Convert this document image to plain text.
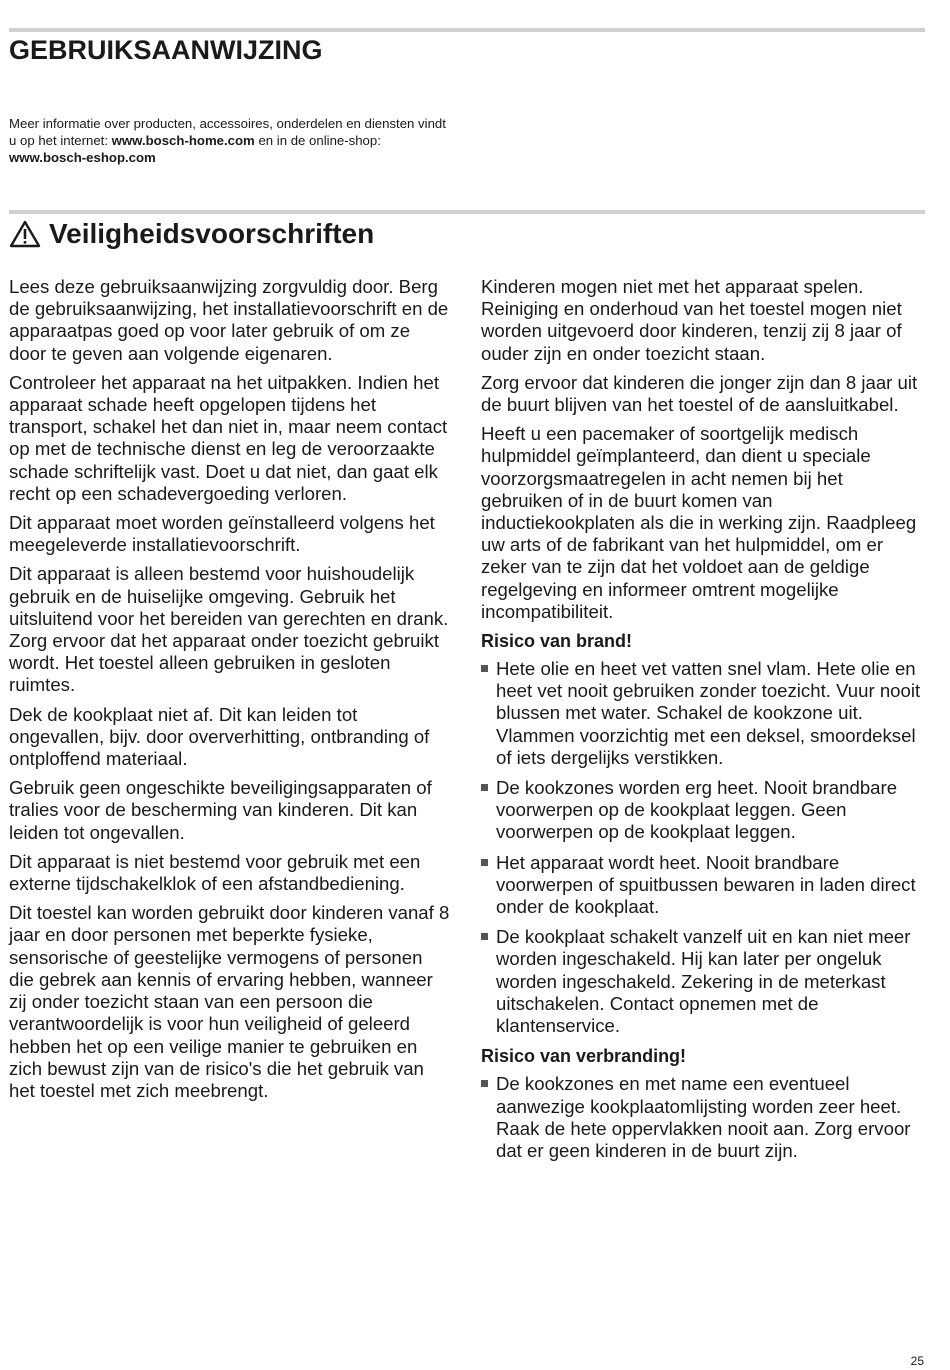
GEBRUIKSAANWIJZING

Meer informatie over producten, accessoires, onderdelen en diensten vindt u op het internet: www.bosch-home.com en in de online-shop: www.bosch-eshop.com

Veiligheidsvoorschriften

Lees deze gebruiksaanwijzing zorgvuldig door. Berg de gebruiksaanwijzing, het installatievoorschrift en de apparaatpas goed op voor later gebruik of om ze door te geven aan volgende eigenaren.

Controleer het apparaat na het uitpakken. Indien het apparaat schade heeft opgelopen tijdens het transport, schakel het dan niet in, maar neem contact op met de technische dienst en leg de veroorzaakte schade schriftelijk vast. Doet u dat niet, dan gaat elk recht op een schadevergoeding verloren.

Dit apparaat moet worden geïnstalleerd volgens het meegeleverde installatievoorschrift.

Dit apparaat is alleen bestemd voor huishoudelijk gebruik en de huiselijke omgeving. Gebruik het uitsluitend voor het bereiden van gerechten en drank. Zorg ervoor dat het apparaat onder toezicht gebruikt wordt. Het toestel alleen gebruiken in gesloten ruimtes.

Dek de kookplaat niet af. Dit kan leiden tot ongevallen, bijv. door oververhitting, ontbranding of ontploffend materiaal.

Gebruik geen ongeschikte beveiligingsapparaten of tralies voor de bescherming van kinderen. Dit kan leiden tot ongevallen.

Dit apparaat is niet bestemd voor gebruik met een externe tijdschakelklok of een afstandbediening.

Dit toestel kan worden gebruikt door kinderen vanaf 8 jaar en door personen met beperkte fysieke, sensorische of geestelijke vermogens of personen die gebrek aan kennis of ervaring hebben, wanneer zij onder toezicht staan van een persoon die verantwoordelijk is voor hun veiligheid of geleerd hebben het op een veilige manier te gebruiken en zich bewust zijn van de risico's die het gebruik van het toestel met zich meebrengt.

Kinderen mogen niet met het apparaat spelen. Reiniging en onderhoud van het toestel mogen niet worden uitgevoerd door kinderen, tenzij zij 8 jaar of ouder zijn en onder toezicht staan.

Zorg ervoor dat kinderen die jonger zijn dan 8 jaar uit de buurt blijven van het toestel of de aansluitkabel.

Heeft u een pacemaker of soortgelijk medisch hulpmiddel geïmplanteerd, dan dient u speciale voorzorgsmaatregelen in acht nemen bij het gebruiken of in de buurt komen van inductiekookplaten als die in werking zijn. Raadpleeg uw arts of de fabrikant van het hulpmiddel, om er zeker van te zijn dat het voldoet aan de geldige regelgeving en informeer omtrent mogelijke incompatibiliteit.

Risico van brand!
Hete olie en heet vet vatten snel vlam. Hete olie en heet vet nooit gebruiken zonder toezicht. Vuur nooit blussen met water. Schakel de kookzone uit. Vlammen voorzichtig met een deksel, smoordeksel of iets dergelijks verstikken.
De kookzones worden erg heet. Nooit brandbare voorwerpen op de kookplaat leggen. Geen voorwerpen op de kookplaat leggen.
Het apparaat wordt heet. Nooit brandbare voorwerpen of spuitbussen bewaren in laden direct onder de kookplaat.
De kookplaat schakelt vanzelf uit en kan niet meer worden ingeschakeld. Hij kan later per ongeluk worden ingeschakeld. Zekering in de meterkast uitschakelen. Contact opnemen met de klantenservice.
Risico van verbranding!
De kookzones en met name een eventueel aanwezige kookplaatomlijsting worden zeer heet. Raak de hete oppervlakken nooit aan. Zorg ervoor dat er geen kinderen in de buurt zijn.

25
